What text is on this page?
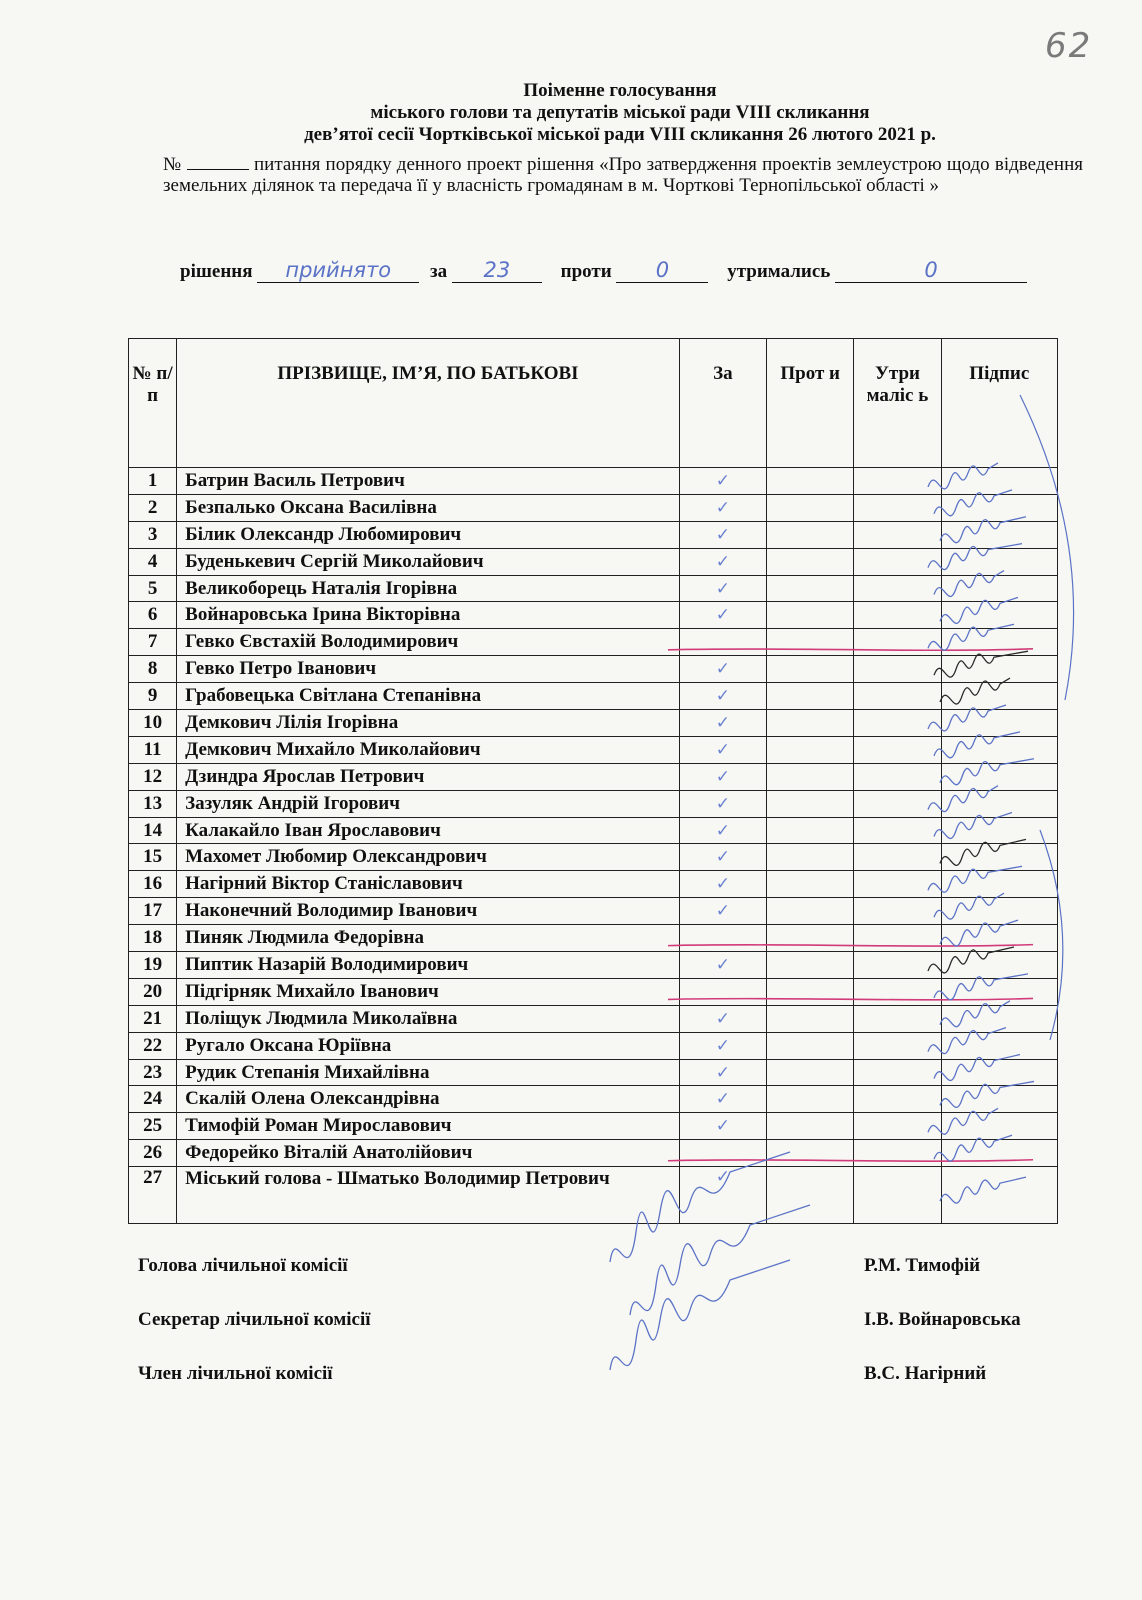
62
Поіменне голосування
міського голови та депутатів міської ради VIII скликання
дев’ятої сесії Чортківської міської ради VIII скликання 26 лютого 2021 р.
№	питання порядку денного проект рішення «Про затвердження проектів землеустрою щодо відведення земельних ділянок та передача її у власність громадянам в м. Чорткові Тернопільської області »
рішення прийнято за 23	проти 0	утримались	0
№ п/п	ПРІЗВИЩЕ, ІМ’Я, ПО БАТЬКОВІ	За	Прот и	Утри маліс ь	Підпис
1	Батрин Василь Петрович	✓			
2	Безпалько Оксана Василівна	✓			
3	Білик Олександр Любомирович	✓			
4	Буденькевич Сергій Миколайович	✓			
5	Великоборець Наталія Ігорівна	✓			
6	Войнаровська Ірина Вікторівна	✓			
7	Гевко Євстахій Володимирович				
8	Гевко Петро Іванович	✓			
9	Грабовецька Світлана Степанівна	✓			
10	Демкович Лілія Ігорівна	✓			
11	Демкович Михайло Миколайович	✓			
12	Дзиндра Ярослав Петрович	✓			
13	Зазуляк Андрій Ігорович	✓			
14	Калакайло Іван Ярославович	✓			
15	Махомет Любомир Олександрович	✓			
16	Нагірний Віктор Станіславович	✓			
17	Наконечний Володимир Іванович	✓			
18	Пиняк Людмила Федорівна				
19	Пиптик Назарій Володимирович	✓			
20	Підгірняк Михайло Іванович				
21	Поліщук Людмила Миколаївна	✓			
22	Ругало Оксана Юріївна	✓			
23	Рудик Степанія Михайлівна	✓			
24	Скалій Олена Олександрівна	✓			
25	Тимофій Роман Мирославович	✓			
26	Федорейко Віталій Анатолійович				
27	Міський голова - Шматько Володимир Петрович	✓			
Голова лічильної комісії	Р.М. Тимофій
Секретар лічильної комісії	І.В. Войнаровська
Член лічильної комісії	В.С. Нагірний
